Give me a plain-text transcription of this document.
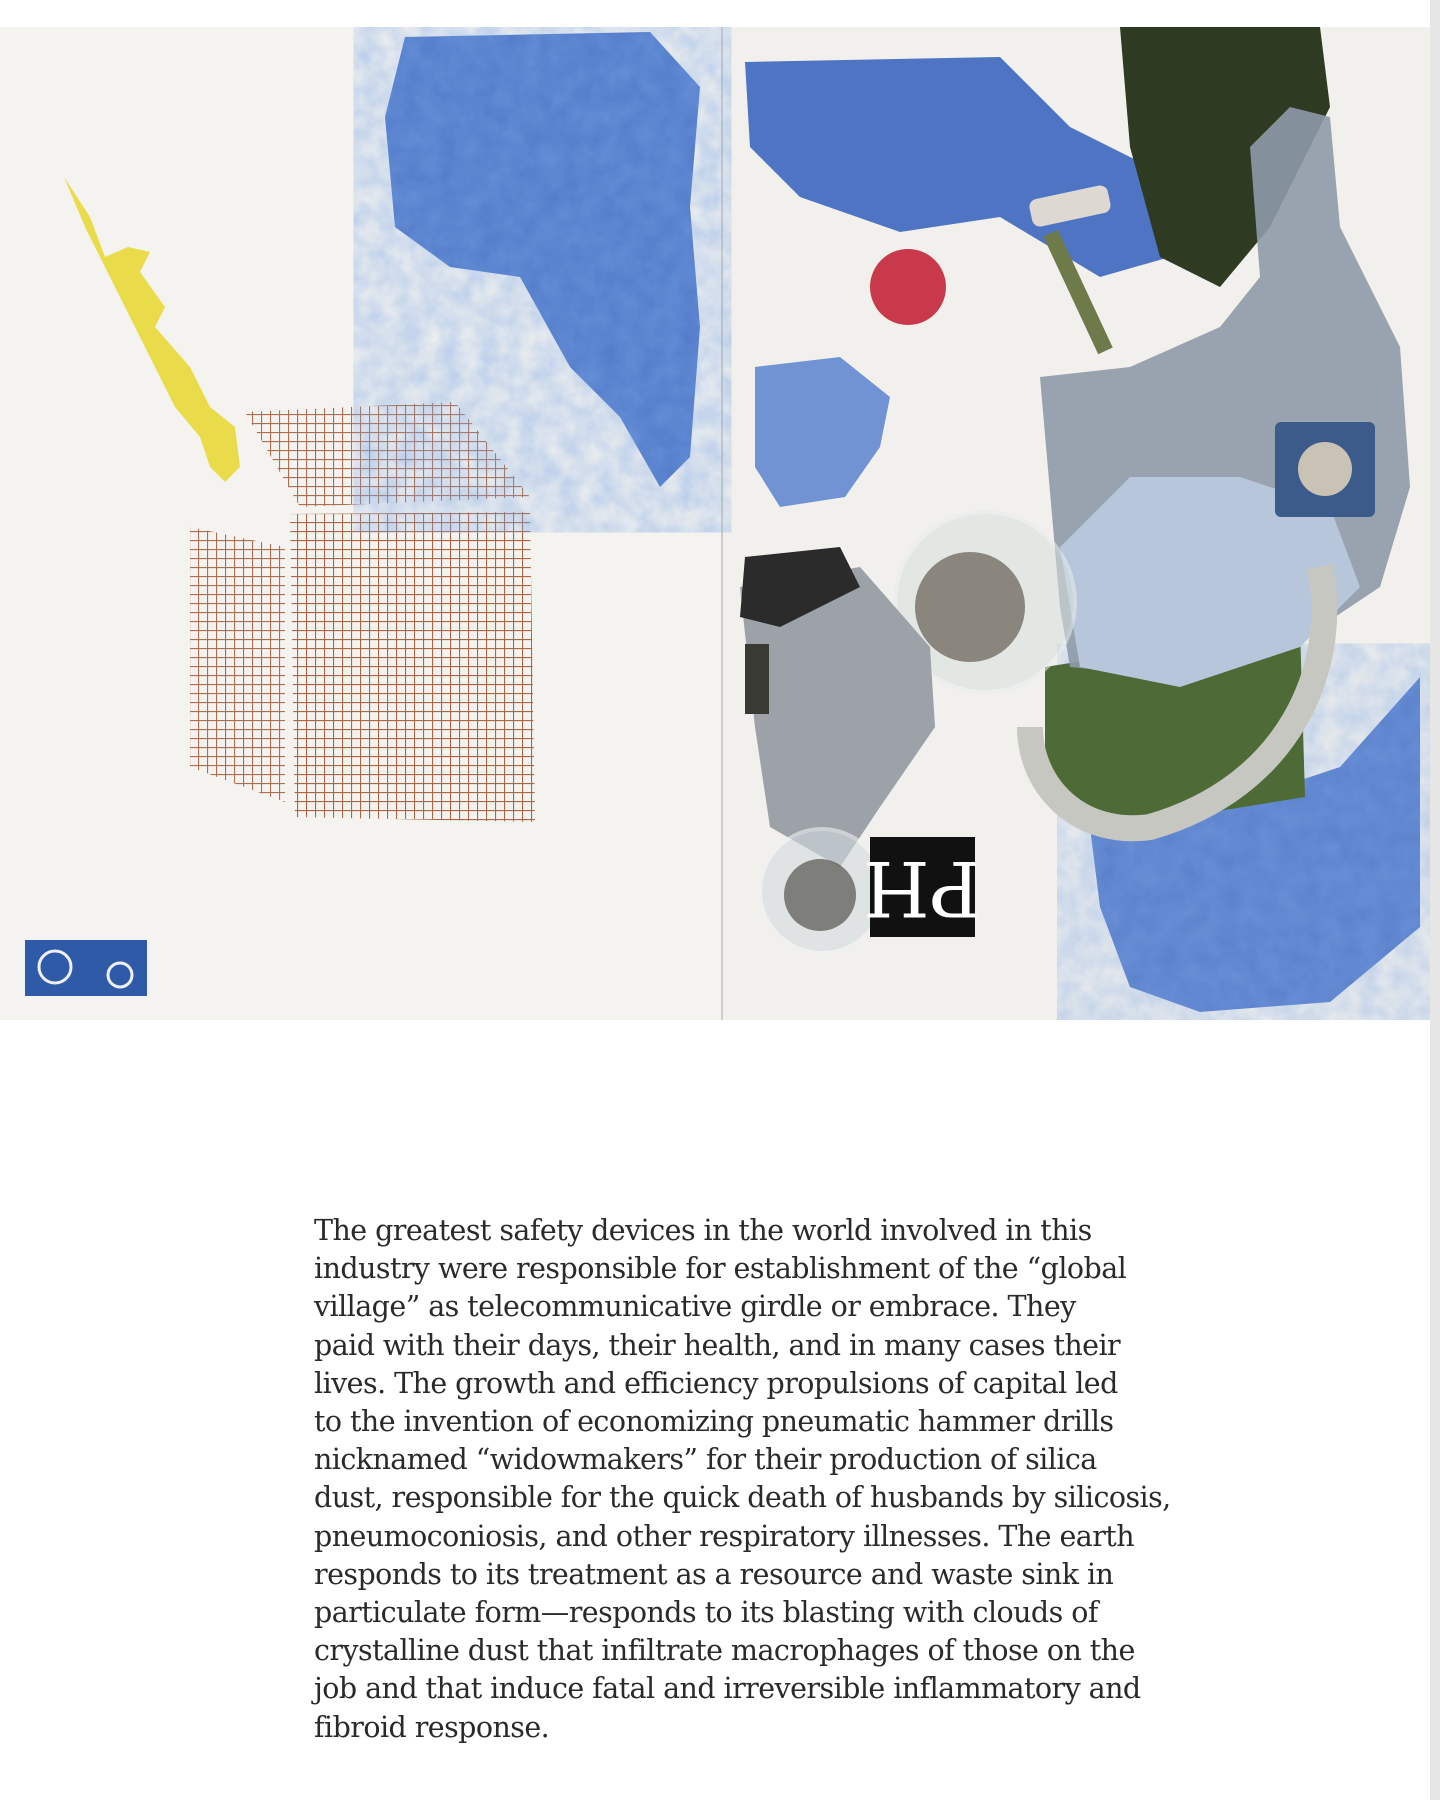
PH

The greatest safety devices in the world involved in this
industry were responsible for establishment of the “global
village” as telecommunicative girdle or embrace. They
paid with their days, their health, and in many cases their
lives. The growth and efficiency propulsions of capital led
to the invention of economizing pneumatic hammer drills
nicknamed “widowmakers” for their production of silica
dust, responsible for the quick death of husbands by silicosis,
pneumoconiosis, and other respiratory illnesses. The earth
responds to its treatment as a resource and waste sink in
particulate form—responds to its blasting with clouds of
crystalline dust that infiltrate macrophages of those on the
job and that induce fatal and irreversible inflammatory and
fibroid response.
